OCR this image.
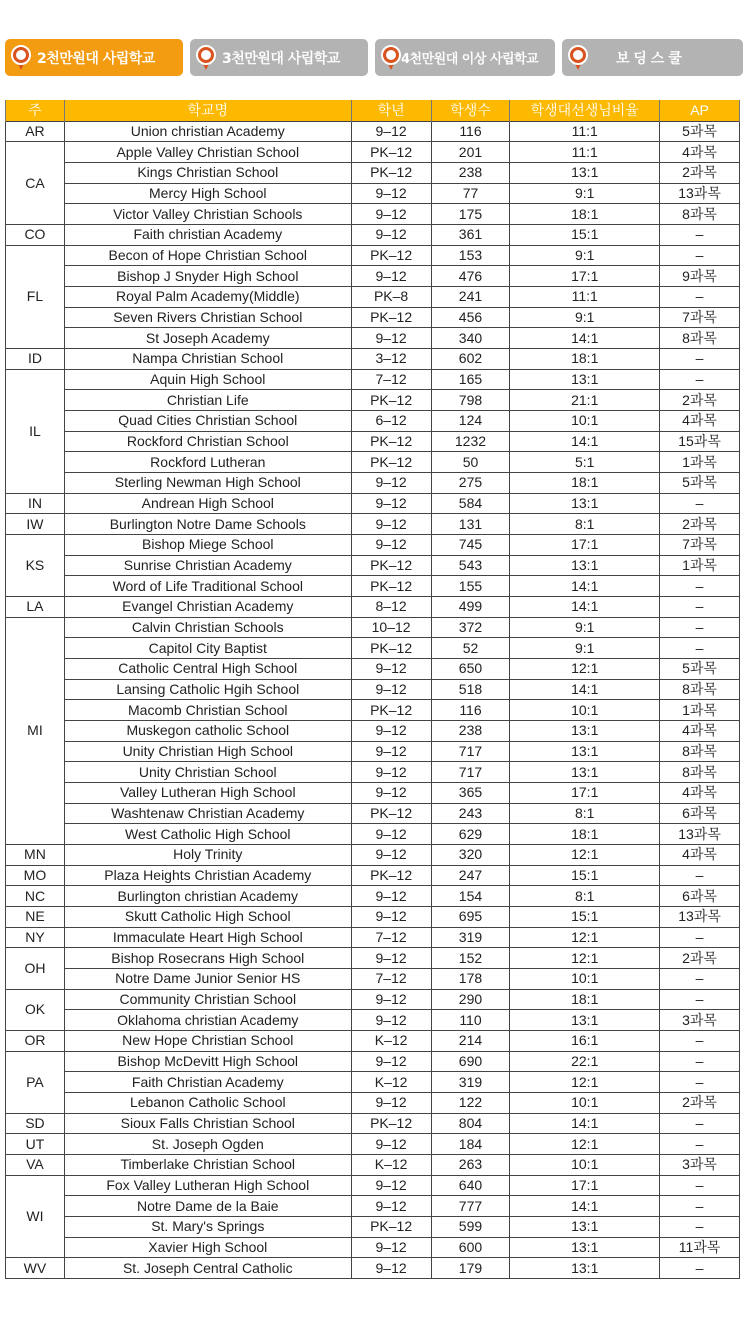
2천만원대 사립학교	3천만원대 사립학교	4천만원대 이상 사립학교	보 딩 스 쿨
주	학교명	학년	학생수	학생대선생님비율	AP
AR	Union christian Academy	9–12	116	11:1	5과목
CA	Apple Valley Christian School	PK–12	201	11:1	4과목
	Kings Christian School	PK–12	238	13:1	2과목
	Mercy High School	9–12	77	9:1	13과목
	Victor Valley Christian Schools	9–12	175	18:1	8과목
CO	Faith christian Academy	9–12	361	15:1	–
FL	Becon of Hope Christian School	PK–12	153	9:1	–
	Bishop J Snyder High School	9–12	476	17:1	9과목
	Royal Palm Academy(Middle)	PK–8	241	11:1	–
	Seven Rivers Christian School	PK–12	456	9:1	7과목
	St Joseph Academy	9–12	340	14:1	8과목
ID	Nampa Christian School	3–12	602	18:1	–
IL	Aquin High School	7–12	165	13:1	–
	Christian Life	PK–12	798	21:1	2과목
	Quad Cities Christian School	6–12	124	10:1	4과목
	Rockford Christian School	PK–12	1232	14:1	15과목
	Rockford Lutheran	PK–12	50	5:1	1과목
	Sterling Newman High School	9–12	275	18:1	5과목
IN	Andrean High School	9–12	584	13:1	–
IW	Burlington Notre Dame Schools	9–12	131	8:1	2과목
KS	Bishop Miege School	9–12	745	17:1	7과목
	Sunrise Christian Academy	PK–12	543	13:1	1과목
	Word of Life Traditional School	PK–12	155	14:1	–
LA	Evangel Christian Academy	8–12	499	14:1	–
MI	Calvin Christian Schools	10–12	372	9:1	–
	Capitol City Baptist	PK–12	52	9:1	–
	Catholic Central High School	9–12	650	12:1	5과목
	Lansing Catholic Hgih School	9–12	518	14:1	8과목
	Macomb Christian School	PK–12	116	10:1	1과목
	Muskegon catholic School	9–12	238	13:1	4과목
	Unity Christian High School	9–12	717	13:1	8과목
	Unity Christian School	9–12	717	13:1	8과목
	Valley Lutheran High School	9–12	365	17:1	4과목
	Washtenaw Christian Academy	PK–12	243	8:1	6과목
	West Catholic High School	9–12	629	18:1	13과목
MN	Holy Trinity	9–12	320	12:1	4과목
MO	Plaza Heights Christian Academy	PK–12	247	15:1	–
NC	Burlington christian Academy	9–12	154	8:1	6과목
NE	Skutt Catholic High School	9–12	695	15:1	13과목
NY	Immaculate Heart High School	7–12	319	12:1	–
OH	Bishop Rosecrans High School	9–12	152	12:1	2과목
	Notre Dame Junior Senior HS	7–12	178	10:1	–
OK	Community Christian School	9–12	290	18:1	–
	Oklahoma christian Academy	9–12	110	13:1	3과목
OR	New Hope Christian School	K–12	214	16:1	–
PA	Bishop McDevitt High School	9–12	690	22:1	–
	Faith Christian Academy	K–12	319	12:1	–
	Lebanon Catholic School	9–12	122	10:1	2과목
SD	Sioux Falls Christian School	PK–12	804	14:1	–
UT	St. Joseph Ogden	9–12	184	12:1	–
VA	Timberlake Christian School	K–12	263	10:1	3과목
WI	Fox Valley Lutheran High School	9–12	640	17:1	–
	Notre Dame de la Baie	9–12	777	14:1	–
	St. Mary's Springs	PK–12	599	13:1	–
	Xavier High School	9–12	600	13:1	11과목
WV	St. Joseph Central Catholic	9–12	179	13:1	–
